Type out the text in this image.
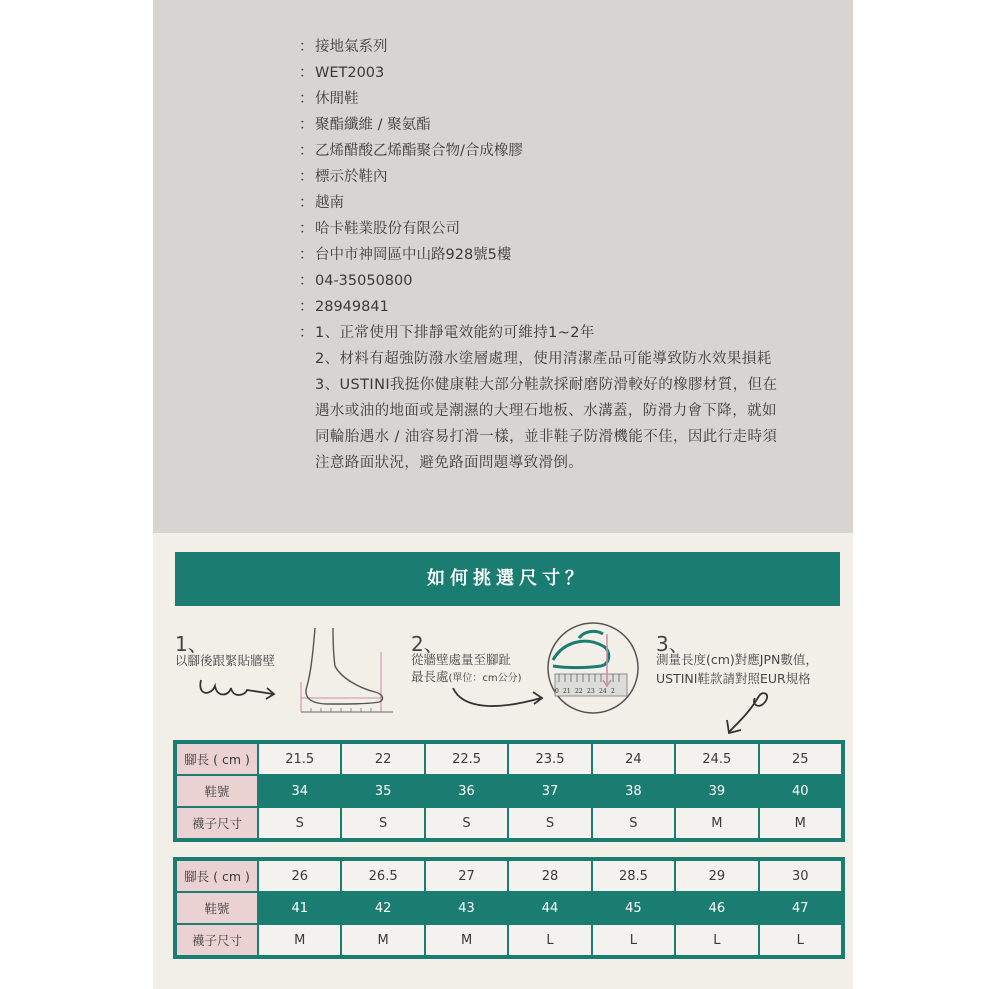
： 接地氣系列
： WET2003
： 休閒鞋
： 聚酯纖維 / 聚氨酯
： 乙烯醋酸乙烯酯聚合物/合成橡膠
： 標示於鞋內
： 越南
： 哈卡鞋業股份有限公司
： 台中市神岡區中山路928號5樓
： 04-35050800
： 28949841
： 1、正常使用下排靜電效能約可維持1~2年
2、材料有超強防潑水塗層處理，使用清潔產品可能導致防水效果損耗
3、USTINI我挺你健康鞋大部分鞋款採耐磨防滑較好的橡膠材質，但在
遇水或油的地面或是潮濕的大理石地板、水溝蓋，防滑力會下降，就如
同輪胎遇水 / 油容易打滑一樣，並非鞋子防滑機能不佳，因此行走時須
注意路面狀況，避免路面問題導致滑倒。
如何挑選尺寸？
1、
以腳後跟緊貼牆壁
2、
從牆壁處量至腳趾
最長處(單位：cm公分)
0 21 22 23 24 2
3、
測量長度(cm)對應JPN數值，
USTINI鞋款請對照EUR規格
腳長 ( cm )	21.5	22	22.5	23.5	24	24.5	25
鞋號	34	35	36	37	38	39	40
襪子尺寸	S	S	S	S	S	M	M
腳長 ( cm )	26	26.5	27	28	28.5	29	30
鞋號	41	42	43	44	45	46	47
襪子尺寸	M	M	M	L	L	L	L
